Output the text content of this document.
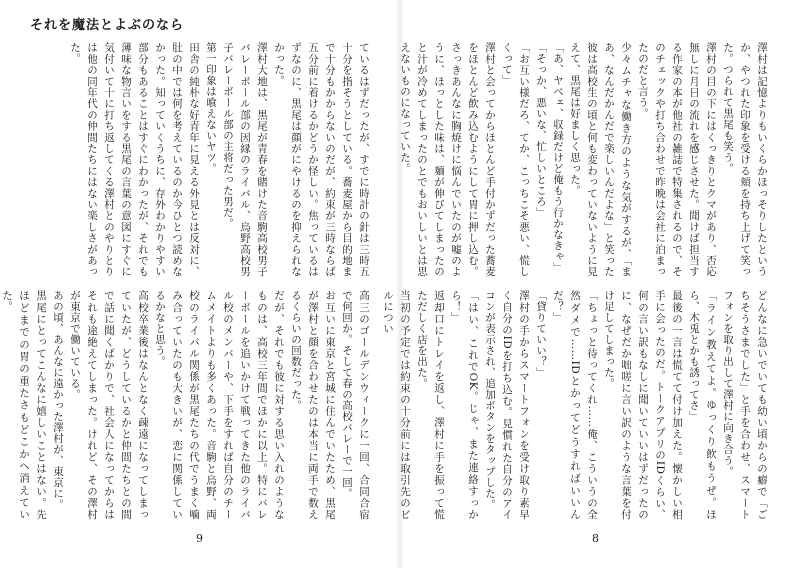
それを魔法とよぶのなら

ているはずだったが、すでに時計の針は三時五十分を指そうとしている。蕎麦屋から目的地まで十分もかからないのだが、約束が三時ならば五分前に着けるかどうか怪しい。焦っているはずなのに、黒尾は顔がにやけるのを抑えられなかった。

澤村大地は、黒尾が青春を賭けた音駒高校男子バレーボール部の因縁のライバル、烏野高校男子バレーボール部の主将だった男だ。

第一印象は喰えないヤツ。

田舎の純朴な好青年に見える外見とは反対に、肚の中では何を考えているのか今ひとつ読めなかった。知っていくうちに、存外わかりやすい部分もあることはすぐにわかったが、それでも薄味な物言いをする黒尾の言葉の意図にすぐに気付いて十に打ち返してくる澤村とのやりとりは他の同年代の仲間たちにはない楽しさがあった。

高三のゴールデンウィークに一回、合同合宿で何回か。そして春の高校バレーで一回。

お互いに東京と宮城に住んでいたため、黒尾が澤村と顔を合わせたのは本当に両手で数えるくらいの回数だった。

だが、それでも彼に対する思い入れのようなものは、高校三年間でほかに以上。特にバレーボールを追いかけて戦ってきた他のライバル校のメンバーや、下手をすれば自分のチームメイトよりも多くあった。音駒と烏野、両校のライバル関係が黒尾たちの代でうまく噛み合っていたのも大きいが、恋に関係しているかなと思う。

高校卒業後はなんとなく疎遠になってしまっていたが、どうしているかと仲間たちとの間で話に聞くばかりで、社会人になってからはそれも途絶えてしまった。けれど、その澤村が東京で働いている。

あの頃、あんなに遠かった澤村が、東京に。

黒尾にとってこんなに嬉しいことはない。先ほどまでの胃の重たさもどこかへ消えていた。

9

澤村は記憶よりもいくらかほっそりしたというか、やつれた印象を受ける頬を持ち上げて笑った。つられて黒尾も笑う。

澤村の目の下にはくっきりとクマがあり、否応無しに月日の流れを感じさせた。聞けば担当する作家の本が他社の雑誌で特集されるので、そのチェックや打ち合わせで昨晩は会社に泊まったのだと言う。

少々ムチャな働き方のような気がするが、「まあ、なんだかんだで楽しいんだよな」と笑った彼は高校生の頃と何も変わっていないように見えて、黒尾は好ましく思った。

「あ、ヤベェ、収録だけど俺もう行かなきゃ」

「そっか、悪いな、忙しいところ」

「お互い様だろ、てか、こっちこそ悪い、慌しくって」

澤村と会ってからほとんど手付かずだった蕎麦をほとんど飲み込むようにして胃に押し込む。さっきあんなに胸焼けに悩んでいたのが嘘のように、ほっとした味は、麺が伸びてしまったのと汁が冷めてしまったのとでもおいしいとは思えないものになっていた。

どんなに急いでいても幼い頃からの癖で「ごちそうさまでした」と手を合わせ、スマートフォンを取り出して澤村に向き合う。

「ライン教えてよ。ゆっくり飲もうぜ。ほら、木兎とかも誘ってさ」

最後の一言は慌てて付け加えた。懐かしい相手に会ったのだ。トークアプリのIDくらい、何の言い訳もなしに聞いていいはずだったのに、なぜだか咄嗟に言い訳のような言葉を付け足してしまった。

「ちょっと待ってくれ……俺、こういうの全然ダメで……IDとかってどうすればいいんだ？」

「貸りていい？」

澤村の手からスマートフォンを受け取り素早く自分のIDを打ち込む。見慣れた自分のアイコンが表示され、追加ボタンをタップした。

「はい、これでOK。じゃ、また連絡すっから！」

返却口にトレイを返し、澤村に手を振って慌ただしく店を出た。

当初の予定では約束の十分前には取引先のビルについ

8
